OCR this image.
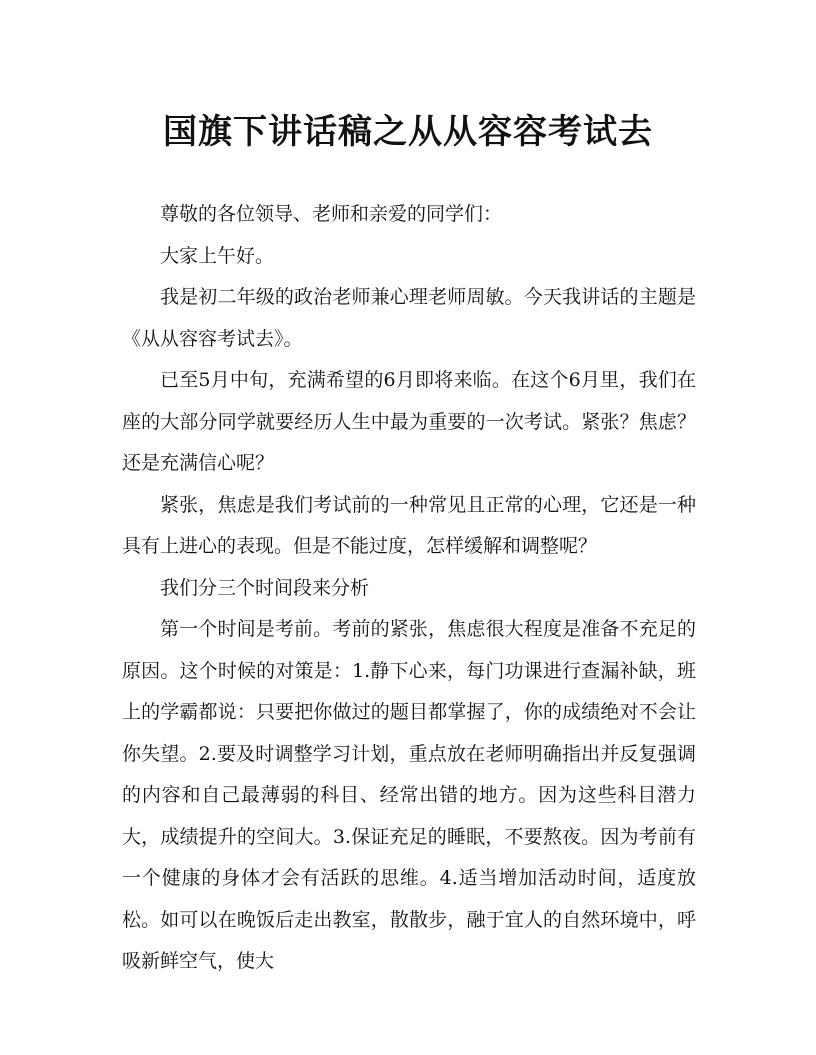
国旗下讲话稿之从从容容考试去

尊敬的各位领导、老师和亲爱的同学们：

大家上午好。

我是初二年级的政治老师兼心理老师周敏。今天我讲话的主题是《从从容容考试去》。

已至5月中旬，充满希望的6月即将来临。在这个6月里，我们在座的大部分同学就要经历人生中最为重要的一次考试。紧张？焦虑？还是充满信心呢？

紧张，焦虑是我们考试前的一种常见且正常的心理，它还是一种具有上进心的表现。但是不能过度，怎样缓解和调整呢？

我们分三个时间段来分析

第一个时间是考前。考前的紧张，焦虑很大程度是准备不充足的原因。这个时候的对策是：1.静下心来，每门功课进行查漏补缺，班上的学霸都说：只要把你做过的题目都掌握了，你的成绩绝对不会让你失望。2.要及时调整学习计划，重点放在老师明确指出并反复强调的内容和自己最薄弱的科目、经常出错的地方。因为这些科目潜力大，成绩提升的空间大。3.保证充足的睡眠，不要熬夜。因为考前有一个健康的身体才会有活跃的思维。4.适当增加活动时间，适度放松。如可以在晚饭后走出教室，散散步，融于宜人的自然环境中，呼吸新鲜空气，使大
